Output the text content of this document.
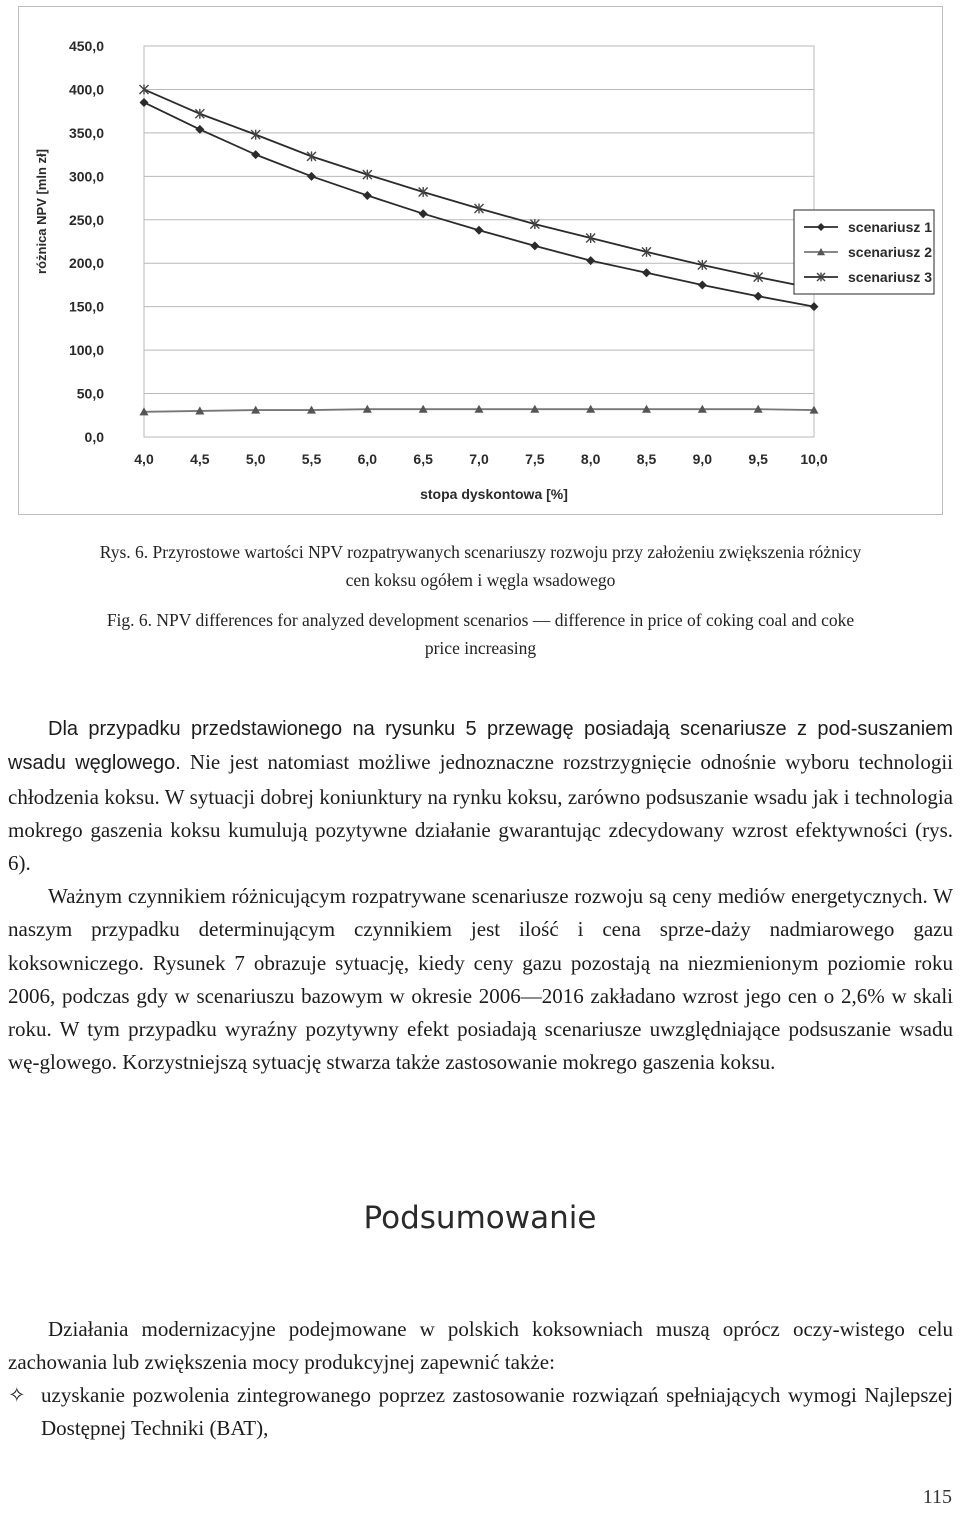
0,0
50,0
100,0
150,0
200,0
250,0
300,0
350,0
400,0
450,0
4,0	4,5	5,0	5,5	6,0	6,5	7,0	7,5	8,0	8,5	9,0	9,5 10,0
stopa dyskontowa [%]
różnica NPV [mln zł]	scenariusz 1
scenariusz 2
scenariusz 3
Rys. 6. Przyrostowe wartości NPV rozpatrywanych scenariuszy rozwoju przy założeniu zwiększenia różnicy
cen koksu ogółem i węgla wsadowego
Fig. 6. NPV differences for analyzed development scenarios — difference in price of coking coal and coke
price increasing

Dla przypadku przedstawionego na rysunku 5 przewagę posiadają scenariusze z pod-suszaniem wsadu węglowego. Nie jest natomiast możliwe jednoznaczne rozstrzygnięcie odnośnie wyboru technologii chłodzenia koksu. W sytuacji dobrej koniunktury na rynku koksu, zarówno podsuszanie wsadu jak i technologia mokrego gaszenia koksu kumulują pozytywne działanie gwarantując zdecydowany wzrost efektywności (rys. 6).

Ważnym czynnikiem różnicującym rozpatrywane scenariusze rozwoju są ceny mediów energetycznych. W naszym przypadku determinującym czynnikiem jest ilość i cena sprze-daży nadmiarowego gazu koksowniczego. Rysunek 7 obrazuje sytuację, kiedy ceny gazu pozostają na niezmienionym poziomie roku 2006, podczas gdy w scenariuszu bazowym w okresie 2006—2016 zakładano wzrost jego cen o 2,6% w skali roku. W tym przypadku wyraźny pozytywny efekt posiadają scenariusze uwzględniające podsuszanie wsadu wę-glowego. Korzystniejszą sytuację stwarza także zastosowanie mokrego gaszenia koksu.

Podsumowanie

Działania modernizacyjne podejmowane w polskich koksowniach muszą oprócz oczy-wistego celu zachowania lub zwiększenia mocy produkcyjnej zapewnić także:

✧ uzyskanie pozwolenia zintegrowanego poprzez zastosowanie rozwiązań spełniających wymogi Najlepszej Dostępnej Techniki (BAT),
115
